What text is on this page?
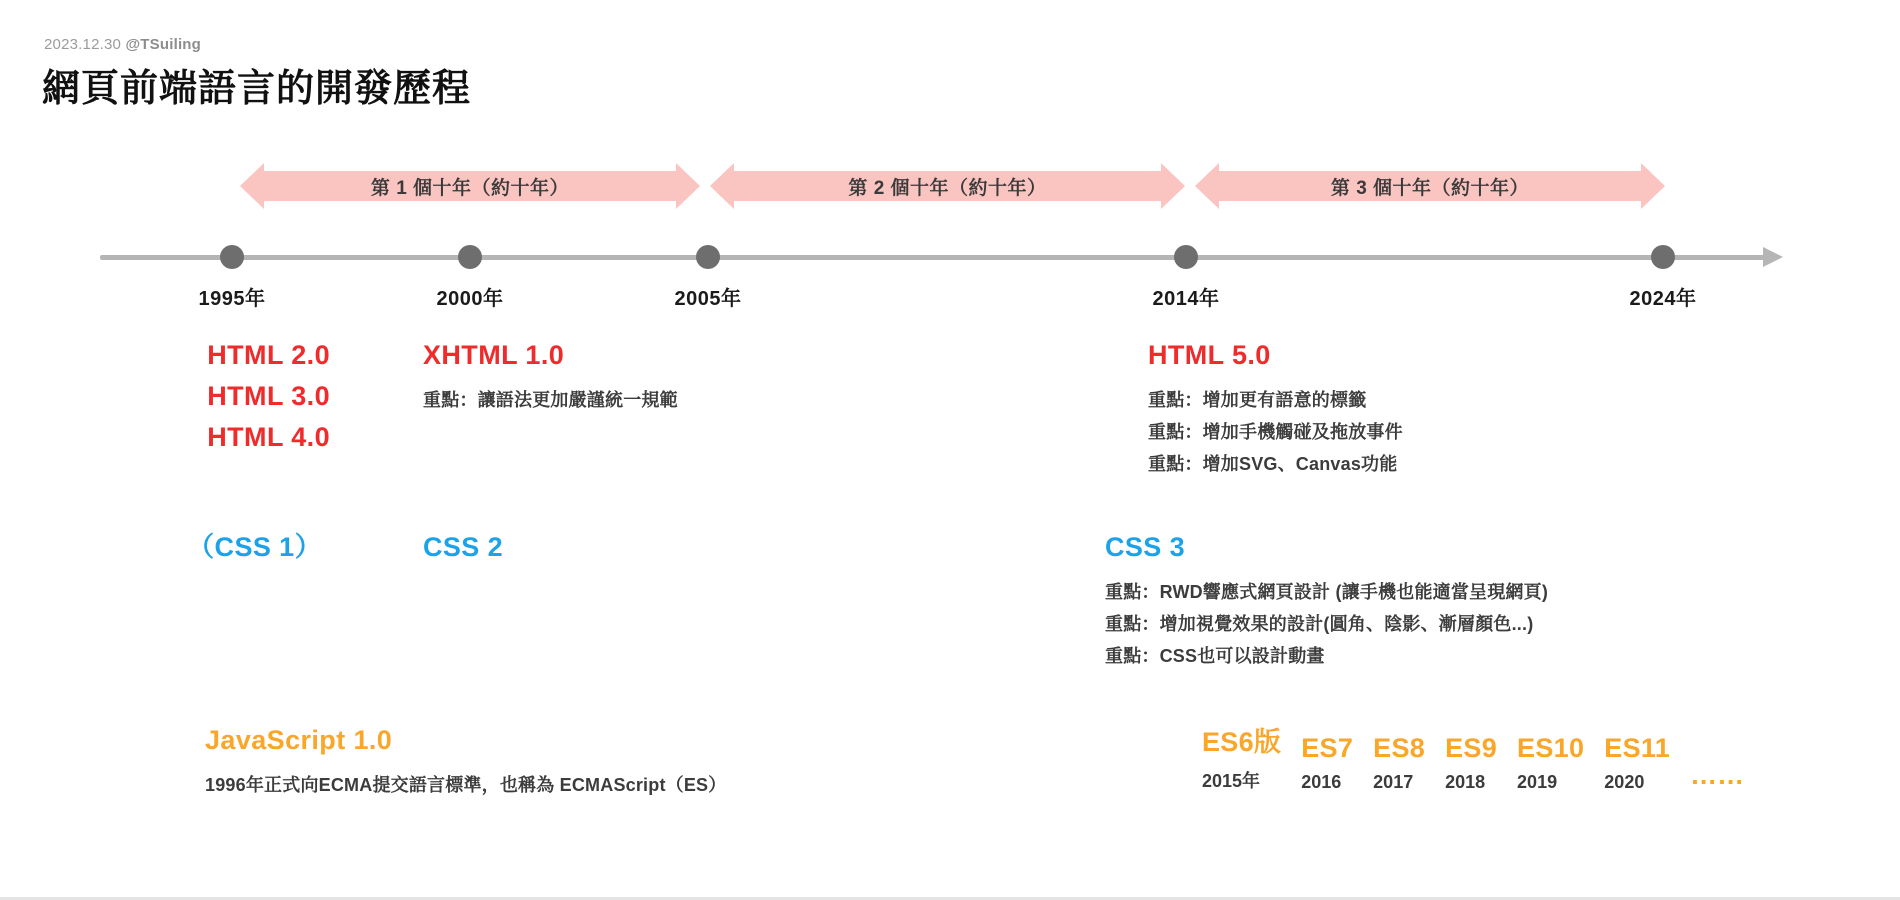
2023.12.30 @TSuiling
網頁前端語言的開發歷程
第 1 個十年（約十年）	第 2 個十年（約十年）	第 3 個十年（約十年）
1995年	2000年	2005年	2014年	2024年
HTML 2.0
HTML 3.0
HTML 4.0
XHTML 1.0
重點：讓語法更加嚴謹統一規範
HTML 5.0
重點：增加更有語意的標籤
重點：增加手機觸碰及拖放事件
重點：增加SVG、Canvas功能
（CSS 1）	CSS 2	CSS 3
重點：RWD響應式網頁設計 (讓手機也能適當呈現網頁)
重點：增加視覺效果的設計(圓角、陰影、漸層顏色...)
重點：CSS也可以設計動畫
JavaScript 1.0
1996年正式向ECMA提交語言標準，也稱為 ECMAScript（ES）
ES6版
2015年
ES7
2016
ES8
2017
ES9
2018
ES10
2019
ES11
2020	……
